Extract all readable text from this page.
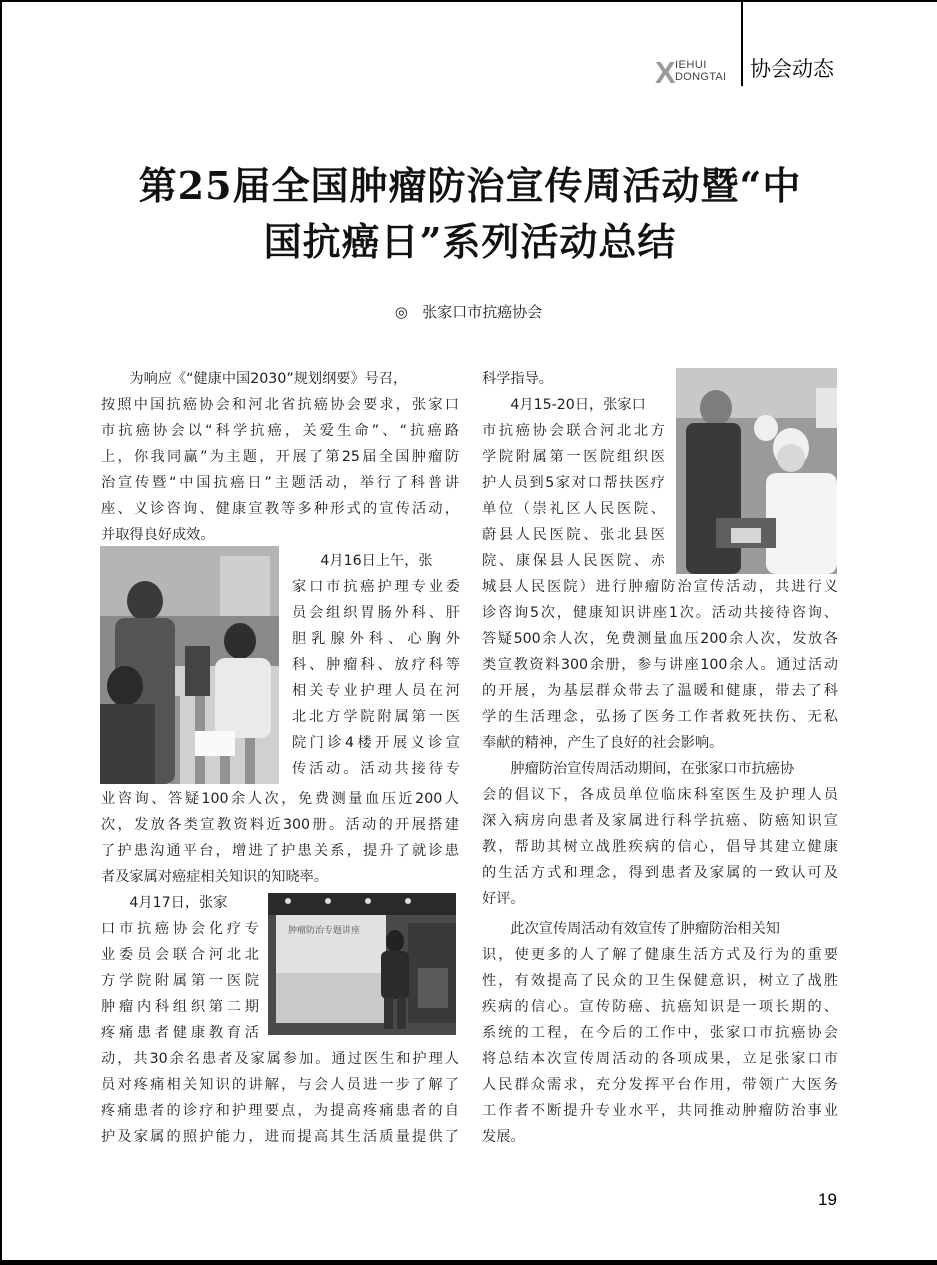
X IEHUI
DONGTAI 协会动态
第25届全国肿瘤防治宣传周活动暨“中
国抗癌日”系列活动总结
◎ 张家口市抗癌协会

为响应《“健康中国2030”规划纲要》号召，

按照中国抗癌协会和河北省抗癌协会要求，张家口

市抗癌协会以“科学抗癌，关爱生命”、“抗癌路

上，你我同赢”为主题，开展了第25届全国肿瘤防

治宣传暨“中国抗癌日”主题活动，举行了科普讲

座、义诊咨询、健康宣教等多种形式的宣传活动，

并取得良好成效。

4月16日上午，张

家口市抗癌护理专业委

员会组织胃肠外科、肝

胆乳腺外科、心胸外

科、肿瘤科、放疗科等

相关专业护理人员在河

北北方学院附属第一医

院门诊4楼开展义诊宣

传活动。活动共接待专

业咨询、答疑100余人次，免费测量血压近200人

次，发放各类宣教资料近300册。活动的开展搭建

了护患沟通平台，增进了护患关系，提升了就诊患

者及家属对癌症相关知识的知晓率。

4月17日，张家

口市抗癌协会化疗专

业委员会联合河北北

方学院附属第一医院

肿瘤内科组织第二期

疼痛患者健康教育活

肿瘤防治专题讲座

动，共30余名患者及家属参加。通过医生和护理人

员对疼痛相关知识的讲解，与会人员进一步了解了

疼痛患者的诊疗和护理要点，为提高疼痛患者的自

护及家属的照护能力，进而提高其生活质量提供了

科学指导。

4月15-20日，张家口

市抗癌协会联合河北北方

学院附属第一医院组织医

护人员到5家对口帮扶医疗

单位（崇礼区人民医院、

蔚县人民医院、张北县医

院、康保县人民医院、赤

城县人民医院）进行肿瘤防治宣传活动，共进行义

诊咨询5次，健康知识讲座1次。活动共接待咨询、

答疑500余人次，免费测量血压200余人次，发放各

类宣教资料300余册，参与讲座100余人。通过活动

的开展，为基层群众带去了温暖和健康，带去了科

学的生活理念，弘扬了医务工作者救死扶伤、无私

奉献的精神，产生了良好的社会影响。

肿瘤防治宣传周活动期间，在张家口市抗癌协

会的倡议下，各成员单位临床科室医生及护理人员

深入病房向患者及家属进行科学抗癌、防癌知识宣

教，帮助其树立战胜疾病的信心，倡导其建立健康

的生活方式和理念，得到患者及家属的一致认可及

好评。

此次宣传周活动有效宣传了肿瘤防治相关知

识，使更多的人了解了健康生活方式及行为的重要

性，有效提高了民众的卫生保健意识，树立了战胜

疾病的信心。宣传防癌、抗癌知识是一项长期的、

系统的工程，在今后的工作中，张家口市抗癌协会

将总结本次宣传周活动的各项成果，立足张家口市

人民群众需求，充分发挥平台作用，带领广大医务

工作者不断提升专业水平，共同推动肿瘤防治事业

发展。

19
